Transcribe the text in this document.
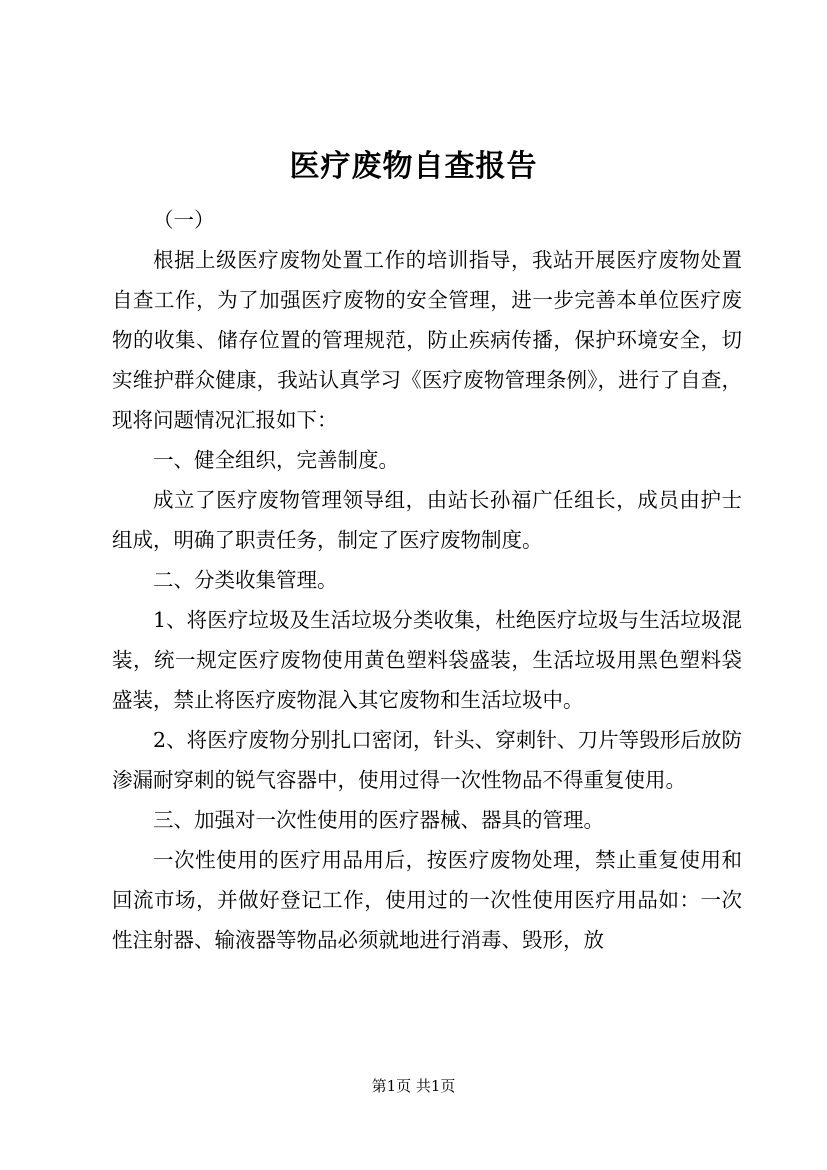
医疗废物自查报告

（一）

根据上级医疗废物处置工作的培训指导，我站开展医疗废物处置自查工作，为了加强医疗废物的安全管理，进一步完善本单位医疗废物的收集、储存位置的管理规范，防止疾病传播，保护环境安全，切实维护群众健康，我站认真学习《医疗废物管理条例》，进行了自查，现将问题情况汇报如下：

一、健全组织，完善制度。

成立了医疗废物管理领导组，由站长孙福广任组长，成员由护士组成，明确了职责任务，制定了医疗废物制度。

二、分类收集管理。

1、将医疗垃圾及生活垃圾分类收集，杜绝医疗垃圾与生活垃圾混装，统一规定医疗废物使用黄色塑料袋盛装，生活垃圾用黑色塑料袋盛装，禁止将医疗废物混入其它废物和生活垃圾中。

2、将医疗废物分别扎口密闭，针头、穿刺针、刀片等毁形后放防渗漏耐穿刺的锐气容器中，使用过得一次性物品不得重复使用。

三、加强对一次性使用的医疗器械、器具的管理。

一次性使用的医疗用品用后，按医疗废物处理，禁止重复使用和回流市场，并做好登记工作，使用过的一次性使用医疗用品如：一次性注射器、输液器等物品必须就地进行消毒、毁形，放

第1页 共1页
